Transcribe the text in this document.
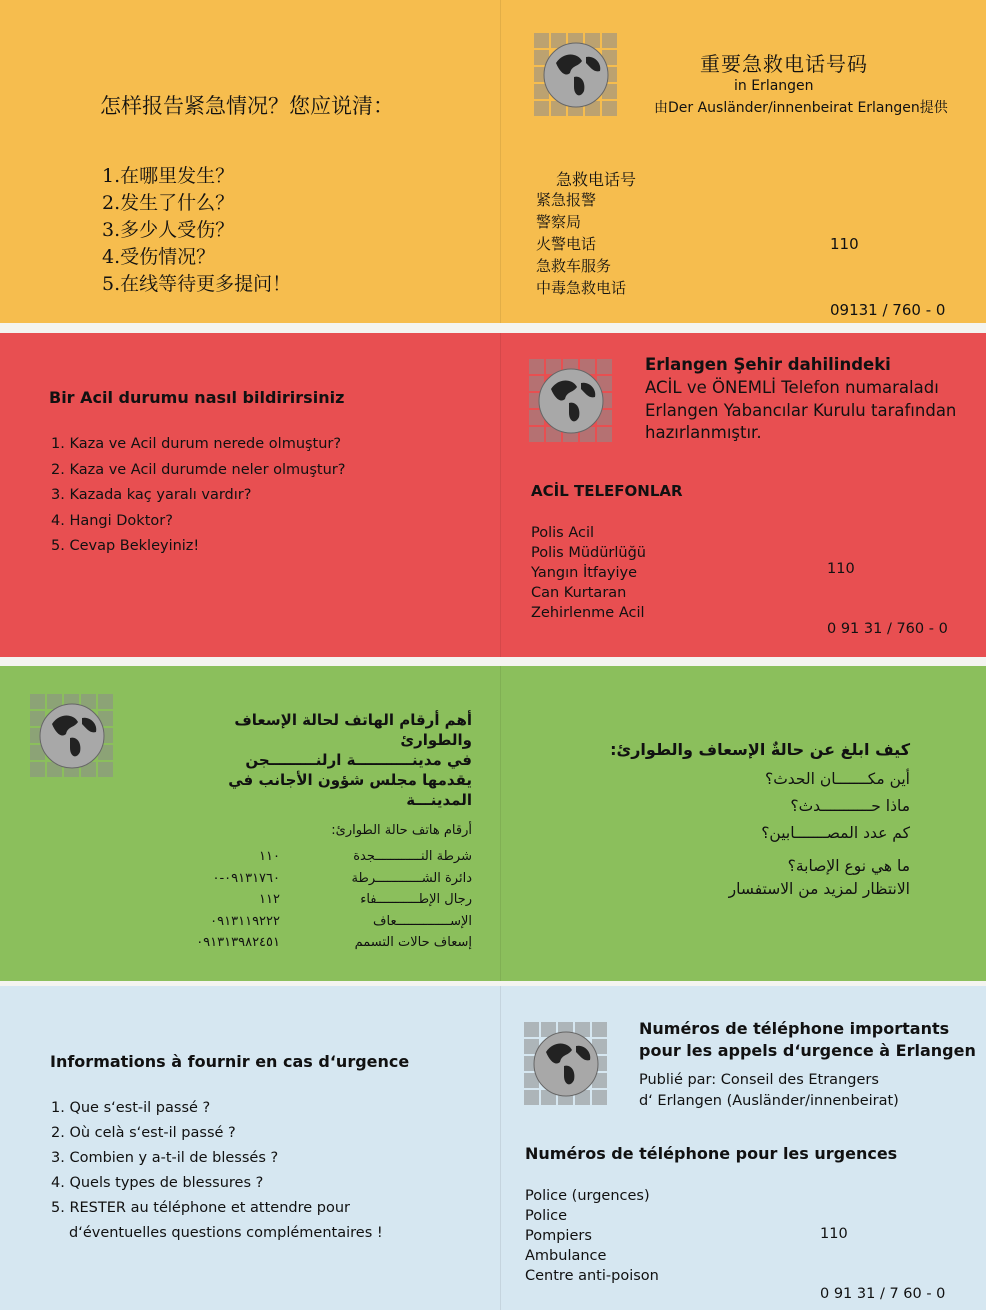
怎样报告紧急情况？您应说清：
1.在哪里发生？
2.发生了什么？
3.多少人受伤？
4.受伤情况？
5.在线等待更多提问！
重要急救电话号码
in Erlangen
由Der Ausländer/innenbeirat Erlangen提供
急救电话号
紧急报警
警察局
火警电话
急救车服务
中毒急救电话

110

09131 / 760 - 0

Bir Acil durumu nasıl bildirirsiniz
1. Kaza ve Acil durum nerede olmuştur?
2. Kaza ve Acil durumde neler olmuştur?
3. Kazada kaç yaralı vardır?
4. Hangi Doktor?
5. Cevap Bekleyiniz!
Erlangen Şehir dahilindeki
ACİL ve ÖNEMLİ Telefon numaraladı
Erlangen Yabancılar Kurulu tarafından
hazırlanmıştır.
ACİL TELEFONLAR
Polis Acil
Polis Müdürlüğü
Yangın İtfayiye
Can Kurtaran
Zehirlenme Acil

110

0 91 31 / 760 - 0

أهم أرقام الهاتف لحالة الإسعاف والطوارئ
في مدينـــــــــــة ارلنـــــــــجن
يقدمها مجلس شؤون الأجانب في المدينـــة
أرقام هاتف حالة الطوارئ:
شرطة النــــــــــــجدة
دائرة الشــــــــــــرطة
رجال الإطـــــــــــفاء
الإســــــــــــــعاف
إسعاف حالات التسمم
١١٠
٠٩١٣١٧٦٠-٠
١١٢
٠٩١٣١١٩٢٢٢
٠٩١٣١٣٩٨٢٤٥١
كيف ابلغ عن حالةٌ الإسعاف والطوارئ:
أين مكـــــــان الحدث؟
ماذا حـــــــــــدث؟
كم عدد المصـــــــابين؟
ما هي نوع الإصابة؟
الانتظار لمزيد من الاستفسار
Informations à fournir en cas d‘urgence
1. Que s‘est-il passé ?
2. Où celà s‘est-il passé ?
3. Combien y a-t-il de blessés ?
4. Quels types de blessures ?
5. RESTER au téléphone et attendre pour
d‘éventuelles questions complémentaires !
Numéros de téléphone importants
pour les appels d‘urgence à Erlangen
Publié par: Conseil des Etrangers
d‘ Erlangen (Ausländer/innenbeirat)
Numéros de téléphone pour les urgences
Police (urgences)
Police
Pompiers
Ambulance
Centre anti-poison

110

0 91 31 / 7 60 - 0
